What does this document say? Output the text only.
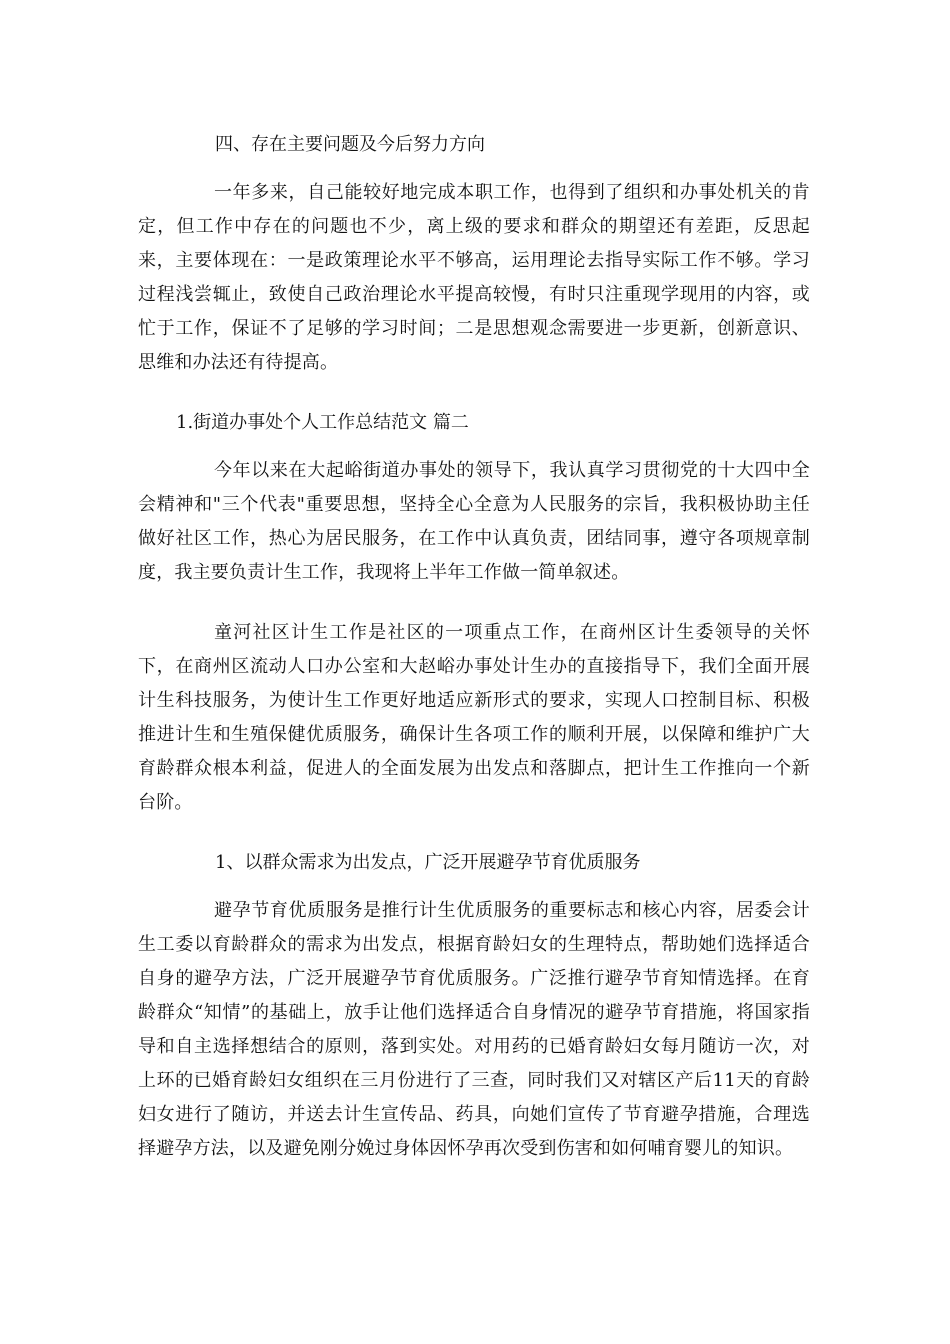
四、存在主要问题及今后努力方向

一年多来，自己能较好地完成本职工作，也得到了组织和办事处机关的肯定，但工作中存在的问题也不少，离上级的要求和群众的期望还有差距，反思起来，主要体现在：一是政策理论水平不够高，运用理论去指导实际工作不够。学习过程浅尝辄止，致使自己政治理论水平提高较慢，有时只注重现学现用的内容，或忙于工作，保证不了足够的学习时间；二是思想观念需要进一步更新，创新意识、思维和办法还有待提高。

1.街道办事处个人工作总结范文 篇二

今年以来在大起峪街道办事处的领导下，我认真学习贯彻党的十大四中全会精神和"三个代表"重要思想，坚持全心全意为人民服务的宗旨，我积极协助主任做好社区工作，热心为居民服务，在工作中认真负责，团结同事，遵守各项规章制度，我主要负责计生工作，我现将上半年工作做一简单叙述。

童河社区计生工作是社区的一项重点工作，在商州区计生委领导的关怀下，在商州区流动人口办公室和大赵峪办事处计生办的直接指导下，我们全面开展计生科技服务，为使计生工作更好地适应新形式的要求，实现人口控制目标、积极推进计生和生殖保健优质服务，确保计生各项工作的顺利开展，以保障和维护广大育龄群众根本利益，促进人的全面发展为出发点和落脚点，把计生工作推向一个新台阶。

1、以群众需求为出发点，广泛开展避孕节育优质服务

避孕节育优质服务是推行计生优质服务的重要标志和核心内容，居委会计生工委以育龄群众的需求为出发点，根据育龄妇女的生理特点，帮助她们选择适合自身的避孕方法，广泛开展避孕节育优质服务。广泛推行避孕节育知情选择。在育龄群众“知情”的基础上，放手让他们选择适合自身情况的避孕节育措施，将国家指导和自主选择想结合的原则，落到实处。对用药的已婚育龄妇女每月随访一次，对上环的已婚育龄妇女组织在三月份进行了三查，同时我们又对辖区产后11天的育龄妇女进行了随访，并送去计生宣传品、药具，向她们宣传了节育避孕措施，合理选择避孕方法，以及避免刚分娩过身体因怀孕再次受到伤害和如何哺育婴儿的知识。
